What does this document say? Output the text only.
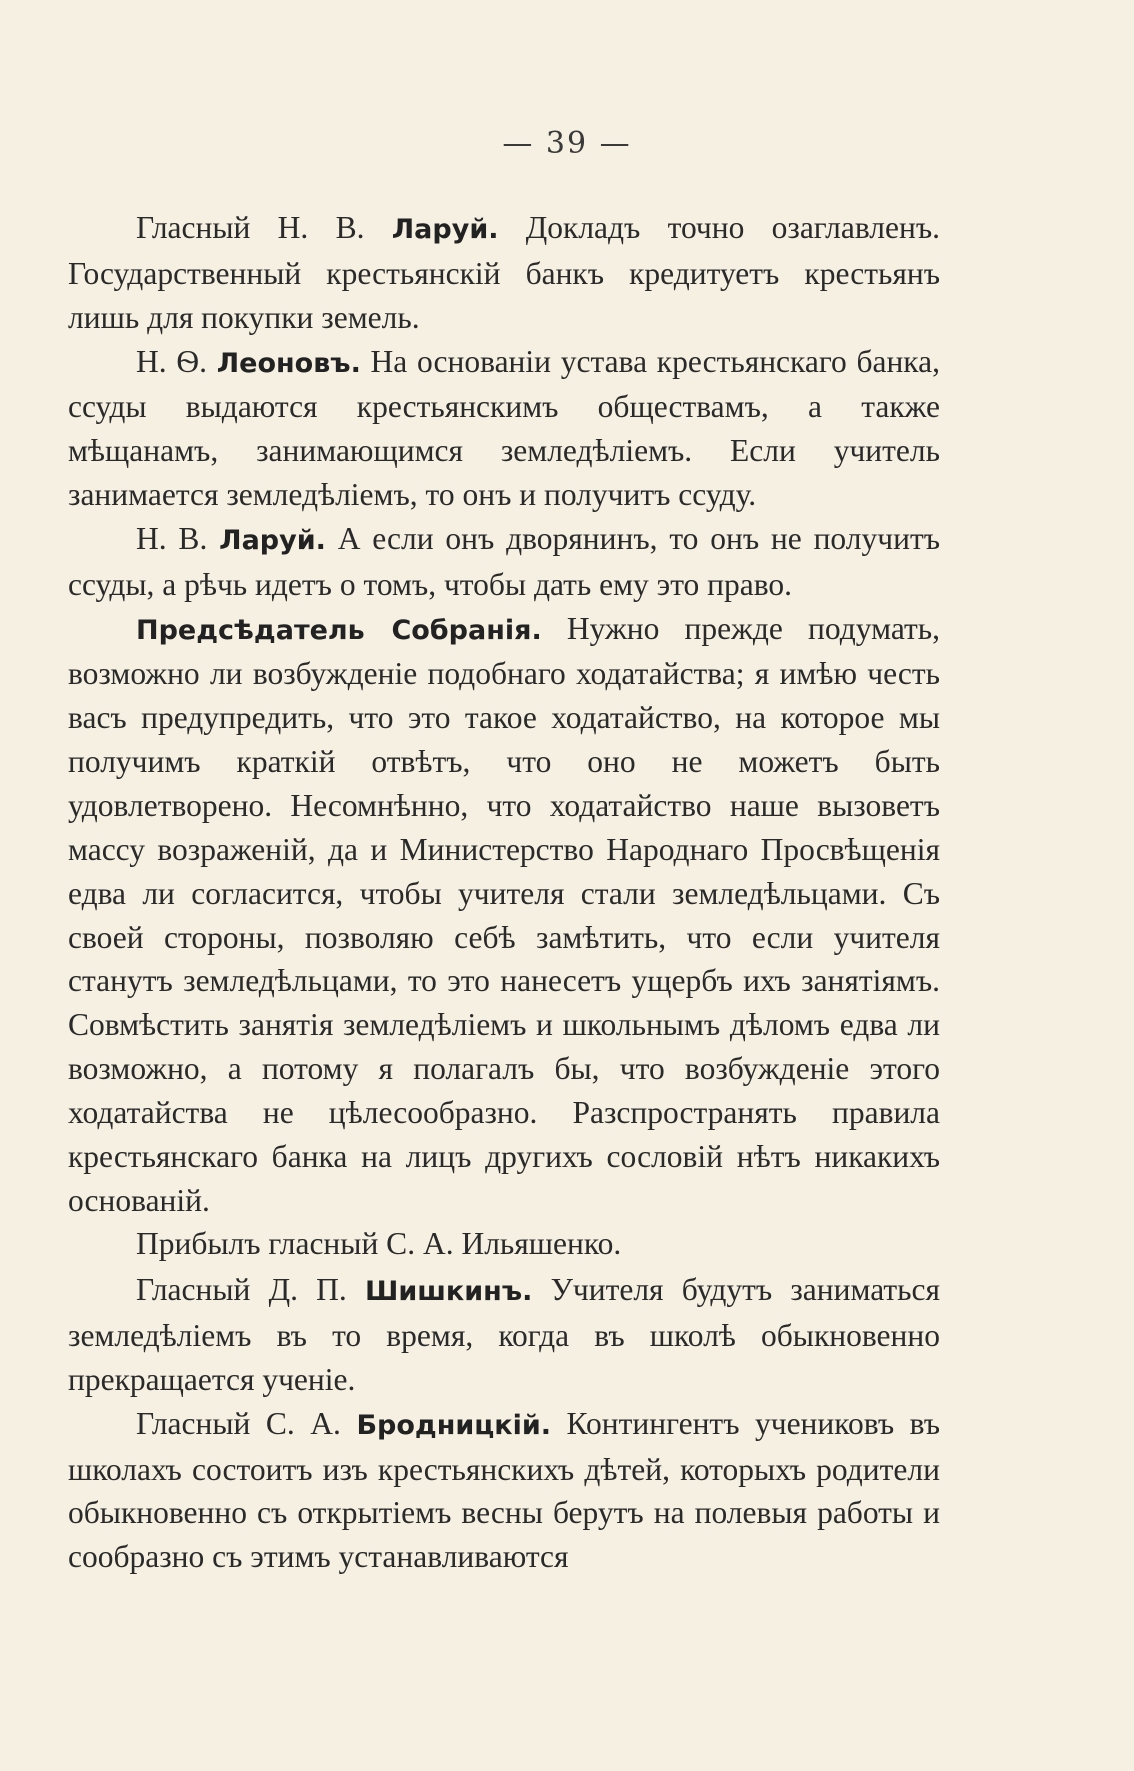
— 39 —

Гласный Н. В. Ларуй. Докладъ точно озаглавленъ. Государственный крестьянскій банкъ кредитуетъ крестьянъ лишь для покупки земель.

Н. Ѳ. Леоновъ. На основаніи устава крестьянскаго банка, ссуды выдаются крестьянскимъ обществамъ, а также мѣщанамъ, занимающимся земледѣліемъ. Если учитель занимается земледѣліемъ, то онъ и получитъ ссуду.

Н. В. Ларуй. А если онъ дворянинъ, то онъ не получитъ ссуды, а рѣчь идетъ о томъ, чтобы дать ему это право.

Предсѣдатель Собранія. Нужно прежде подумать, возможно ли возбужденіе подобнаго ходатайства; я имѣю честь васъ предупредить, что это такое ходатайство, на которое мы получимъ краткій отвѣтъ, что оно не можетъ быть удовлетворено. Несомнѣнно, что ходатайство наше вызоветъ массу возраженій, да и Министерство Народнаго Просвѣщенія едва ли согласится, чтобы учителя стали земледѣльцами. Съ своей стороны, позволяю себѣ замѣтить, что если учителя станутъ земледѣльцами, то это нанесетъ ущербъ ихъ занятіямъ. Совмѣстить занятія земледѣліемъ и школьнымъ дѣломъ едва ли возможно, а потому я полагалъ бы, что возбужденіе этого ходатайства не цѣлесообразно. Разспространять правила крестьянскаго банка на лицъ другихъ сословій нѣтъ никакихъ основаній.

Прибылъ гласный С. А. Ильяшенко.

Гласный Д. П. Шишкинъ. Учителя будутъ заниматься земледѣліемъ въ то время, когда въ школѣ обыкновенно прекращается ученіе.

Гласный С. А. Бродницкій. Контингентъ учениковъ въ школахъ состоитъ изъ крестьянскихъ дѣтей, которыхъ родители обыкновенно съ открытіемъ весны берутъ на полевыя работы и сообразно съ этимъ устанавливаются
